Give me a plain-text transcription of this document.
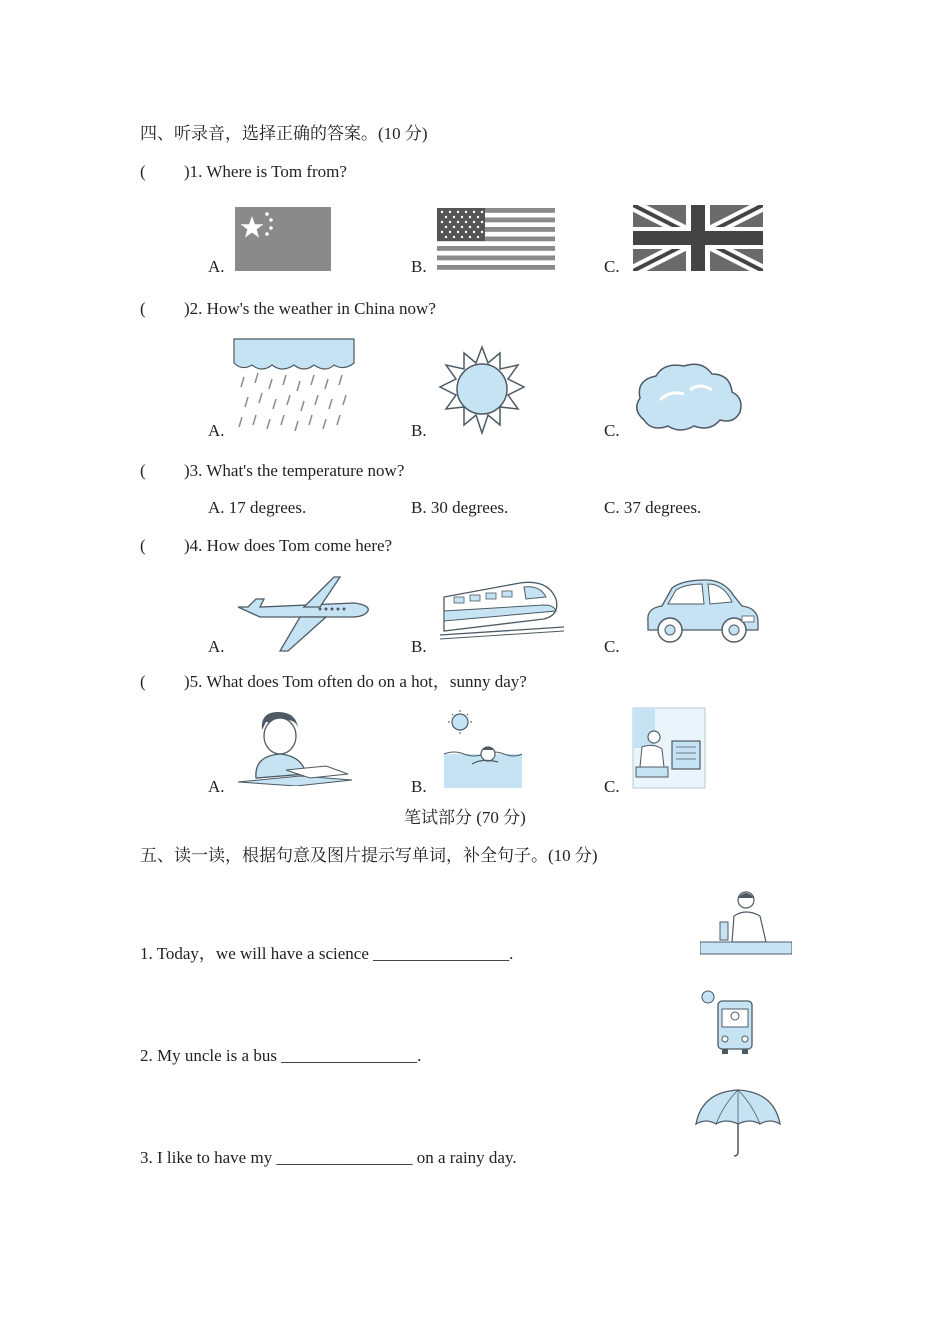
四、听录音，选择正确的答案。(10 分)
( )1. Where is Tom from?
A.	B.	C.
( )2. How's the weather in China now?
A.	B.	C.
( )3. What's the temperature now?
A. 17 degrees.	B. 30 degrees.	C. 37 degrees.
( )4. How does Tom come here?
A.	B.	C.
( )5. What does Tom often do on a hot，sunny day?
A.	B.	C.
笔试部分 (70 分)
五、读一读，根据句意及图片提示写单词，补全句子。(10 分)
1. Today，we will have a science ________________.
2. My uncle is a bus ________________.
3. I like to have my ________________ on a rainy day.
